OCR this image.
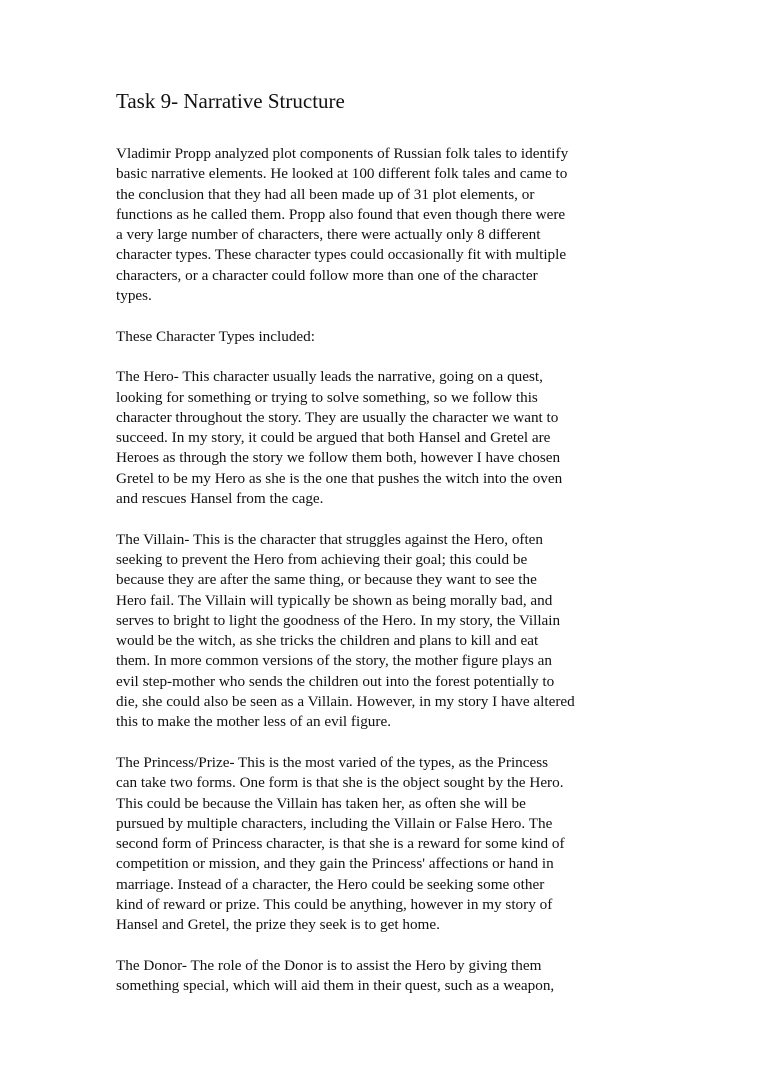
Task 9- Narrative Structure

Vladimir Propp analyzed plot components of Russian folk tales to identify
basic narrative elements. He looked at 100 different folk tales and came to
the conclusion that they had all been made up of 31 plot elements, or
functions as he called them. Propp also found that even though there were
a very large number of characters, there were actually only 8 different
character types. These character types could occasionally fit with multiple
characters, or a character could follow more than one of the character
types.

These Character Types included:

The Hero- This character usually leads the narrative, going on a quest,
looking for something or trying to solve something, so we follow this
character throughout the story. They are usually the character we want to
succeed. In my story, it could be argued that both Hansel and Gretel are
Heroes as through the story we follow them both, however I have chosen
Gretel to be my Hero as she is the one that pushes the witch into the oven
and rescues Hansel from the cage.

The Villain- This is the character that struggles against the Hero, often
seeking to prevent the Hero from achieving their goal; this could be
because they are after the same thing, or because they want to see the
Hero fail. The Villain will typically be shown as being morally bad, and
serves to bright to light the goodness of the Hero. In my story, the Villain
would be the witch, as she tricks the children and plans to kill and eat
them. In more common versions of the story, the mother figure plays an
evil step-mother who sends the children out into the forest potentially to
die, she could also be seen as a Villain. However, in my story I have altered
this to make the mother less of an evil figure.

The Princess/Prize- This is the most varied of the types, as the Princess
can take two forms. One form is that she is the object sought by the Hero.
This could be because the Villain has taken her, as often she will be
pursued by multiple characters, including the Villain or False Hero. The
second form of Princess character, is that she is a reward for some kind of
competition or mission, and they gain the Princess' affections or hand in
marriage. Instead of a character, the Hero could be seeking some other
kind of reward or prize. This could be anything, however in my story of
Hansel and Gretel, the prize they seek is to get home.

The Donor- The role of the Donor is to assist the Hero by giving them
something special, which will aid them in their quest, such as a weapon,
